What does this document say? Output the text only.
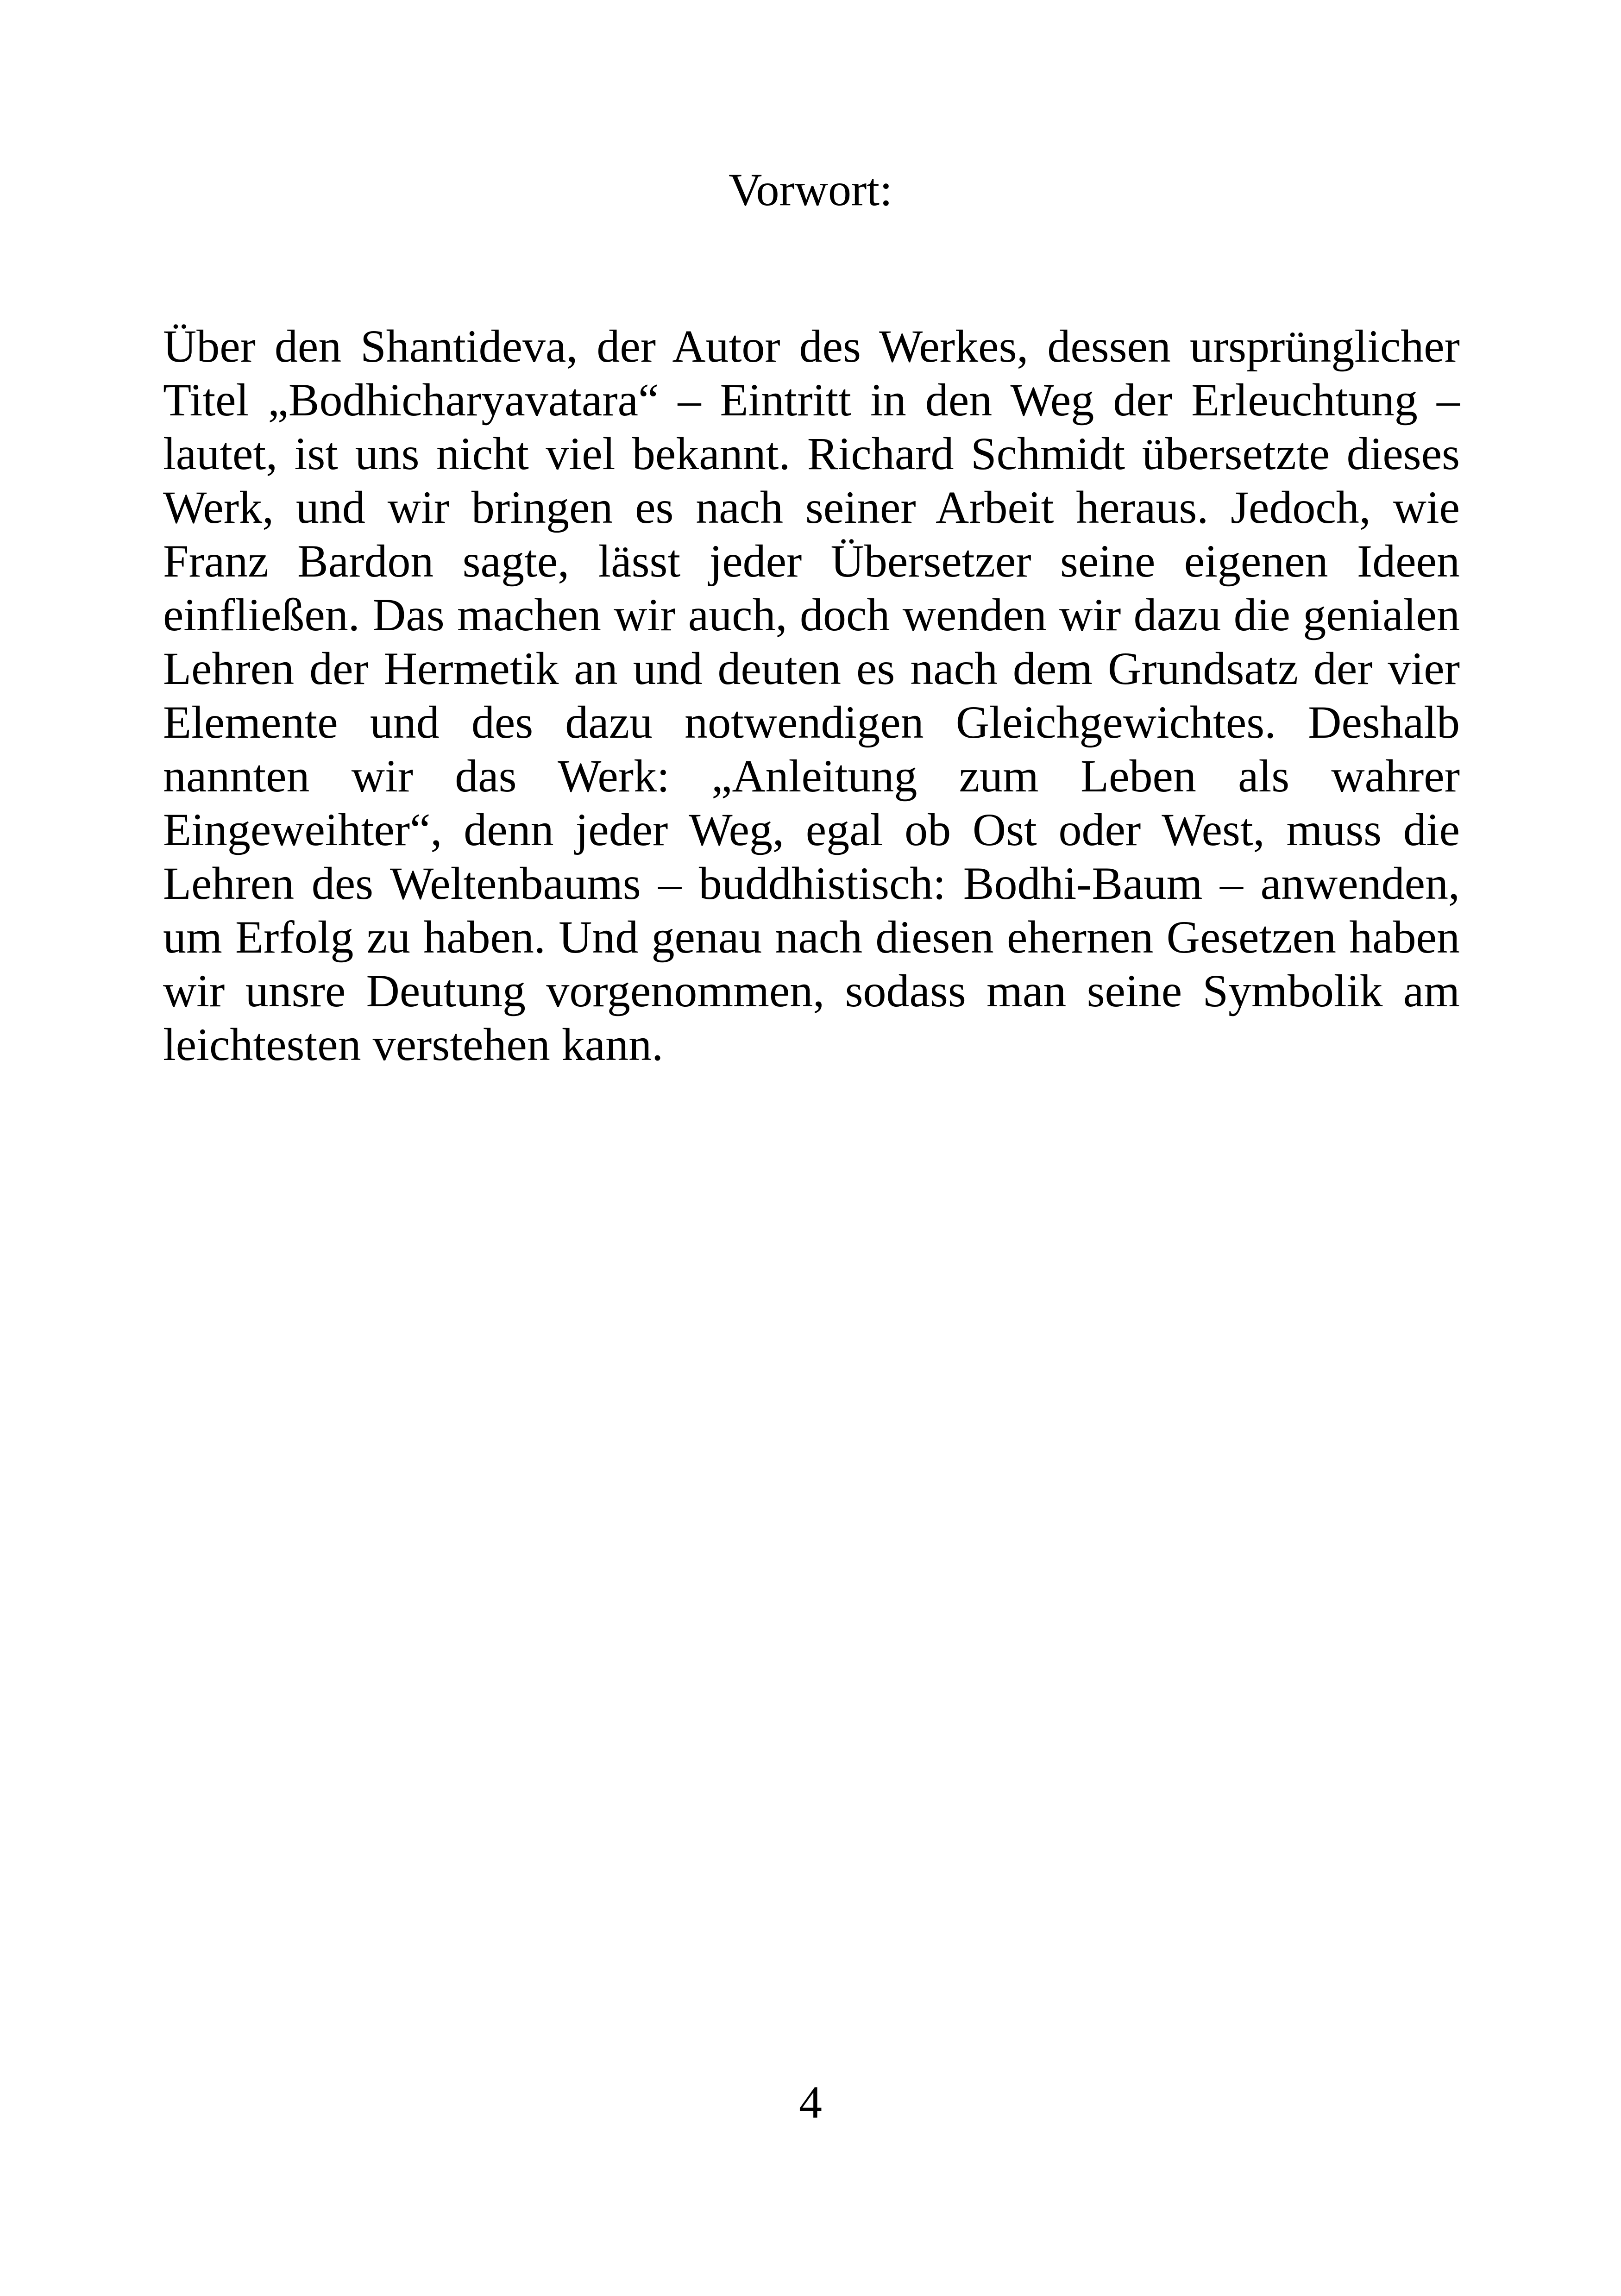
Vorwort:

Über den Shantideva, der Autor des Werkes, dessen ursprünglicher Titel „Bodhicharyavatara“ – Eintritt in den Weg der Erleuchtung – lautet, ist uns nicht viel bekannt. Richard Schmidt übersetzte dieses Werk, und wir bringen es nach seiner Arbeit heraus. Jedoch, wie Franz Bardon sagte, lässt jeder Übersetzer seine eigenen Ideen einfließen. Das machen wir auch, doch wenden wir dazu die genialen Lehren der Hermetik an und deuten es nach dem Grundsatz der vier Elemente und des dazu notwendigen Gleichgewichtes. Deshalb nannten wir das Werk: „Anleitung zum Leben als wahrer Eingeweihter“, denn jeder Weg, egal ob Ost oder West, muss die Lehren des Weltenbaums – buddhistisch: Bodhi-Baum – anwenden, um Erfolg zu haben. Und genau nach diesen ehernen Gesetzen haben wir unsre Deutung vorgenommen, sodass man seine Symbolik am leichtesten verstehen kann.

4
